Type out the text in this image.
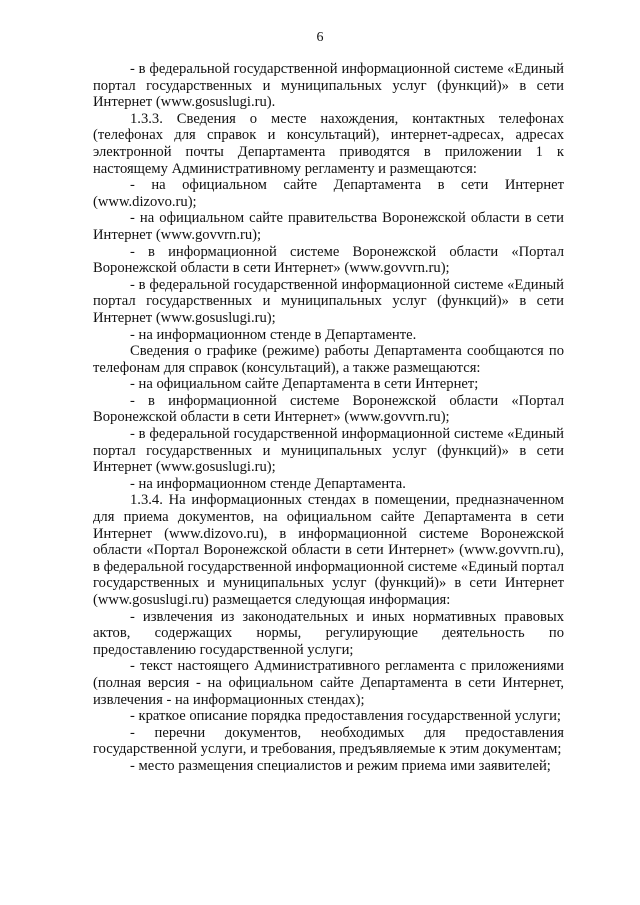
6

- в федеральной государственной информационной системе «Единый портал государственных и муниципальных услуг (функций)» в сети Интернет (www.gosuslugi.ru).

1.3.3. Сведения о месте нахождения, контактных телефонах (телефонах для справок и консультаций), интернет-адресах, адресах электронной почты Департамента приводятся в приложении 1 к настоящему Административному регламенту и размещаются:

- на официальном сайте Департамента в сети Интернет (www.dizovo.ru);

- на официальном сайте правительства Воронежской области в сети Интернет (www.govvrn.ru);

- в информационной системе Воронежской области «Портал Воронежской области в сети Интернет» (www.govvrn.ru);

- в федеральной государственной информационной системе «Единый портал государственных и муниципальных услуг (функций)» в сети Интернет (www.gosuslugi.ru);

- на информационном стенде в Департаменте.

Сведения о графике (режиме) работы Департамента сообщаются по телефонам для справок (консультаций), а также размещаются:

- на официальном сайте Департамента в сети Интернет;

- в информационной системе Воронежской области «Портал Воронежской области в сети Интернет» (www.govvrn.ru);

- в федеральной государственной информационной системе «Единый портал государственных и муниципальных услуг (функций)» в сети Интернет (www.gosuslugi.ru);

- на информационном стенде Департамента.

1.3.4. На информационных стендах в помещении, предназначенном для приема документов, на официальном сайте Департамента в сети Интернет (www.dizovo.ru), в информационной системе Воронежской области «Портал Воронежской области в сети Интернет» (www.govvrn.ru), в федеральной государственной информационной системе «Единый портал государственных и муниципальных услуг (функций)» в сети Интернет (www.gosuslugi.ru) размещается следующая информация:

- извлечения из законодательных и иных нормативных правовых актов, содержащих нормы, регулирующие деятельность по предоставлению государственной услуги;

- текст настоящего Административного регламента с приложениями (полная версия - на официальном сайте Департамента в сети Интернет, извлечения - на информационных стендах);

- краткое описание порядка предоставления государственной услуги;

- перечни документов, необходимых для предоставления государственной услуги, и требования, предъявляемые к этим документам;

- место размещения специалистов и режим приема ими заявителей;
